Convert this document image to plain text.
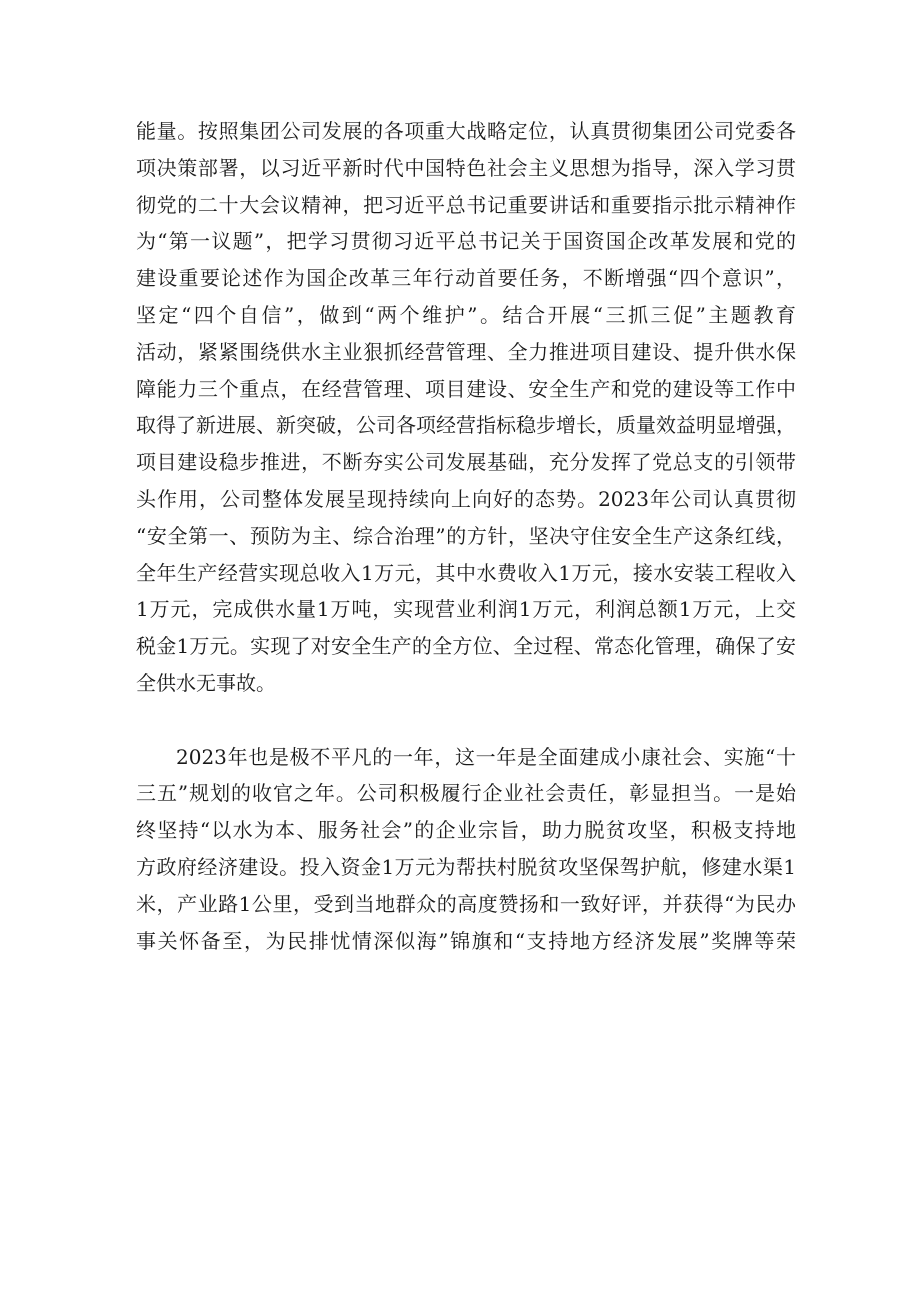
能量。按照集团公司发展的各项重大战略定位，认真贯彻集团公司党委各
项决策部署，以习近平新时代中国特色社会主义思想为指导，深入学习贯
彻党的二十大会议精神，把习近平总书记重要讲话和重要指示批示精神作
为“第一议题”，把学习贯彻习近平总书记关于国资国企改革发展和党的
建设重要论述作为国企改革三年行动首要任务，不断增强“四个意识”，
坚定“四个自信”，做到“两个维护”。结合开展“三抓三促”主题教育
活动，紧紧围绕供水主业狠抓经营管理、全力推进项目建设、提升供水保
障能力三个重点，在经营管理、项目建设、安全生产和党的建设等工作中
取得了新进展、新突破，公司各项经营指标稳步增长，质量效益明显增强，
项目建设稳步推进，不断夯实公司发展基础，充分发挥了党总支的引领带
头作用，公司整体发展呈现持续向上向好的态势。2023年公司认真贯彻
“安全第一、预防为主、综合治理”的方针，坚决守住安全生产这条红线，
全年生产经营实现总收入1万元，其中水费收入1万元，接水安装工程收入
1万元，完成供水量1万吨，实现营业利润1万元，利润总额1万元，上交
税金1万元。实现了对安全生产的全方位、全过程、常态化管理，确保了安
全供水无事故。
2023年也是极不平凡的一年，这一年是全面建成小康社会、实施“十
三五”规划的收官之年。公司积极履行企业社会责任，彰显担当。一是始
终坚持“以水为本、服务社会”的企业宗旨，助力脱贫攻坚，积极支持地
方政府经济建设。投入资金1万元为帮扶村脱贫攻坚保驾护航，修建水渠1
米，产业路1公里，受到当地群众的高度赞扬和一致好评，并获得“为民办
事关怀备至，为民排忧情深似海”锦旗和“支持地方经济发展”奖牌等荣
